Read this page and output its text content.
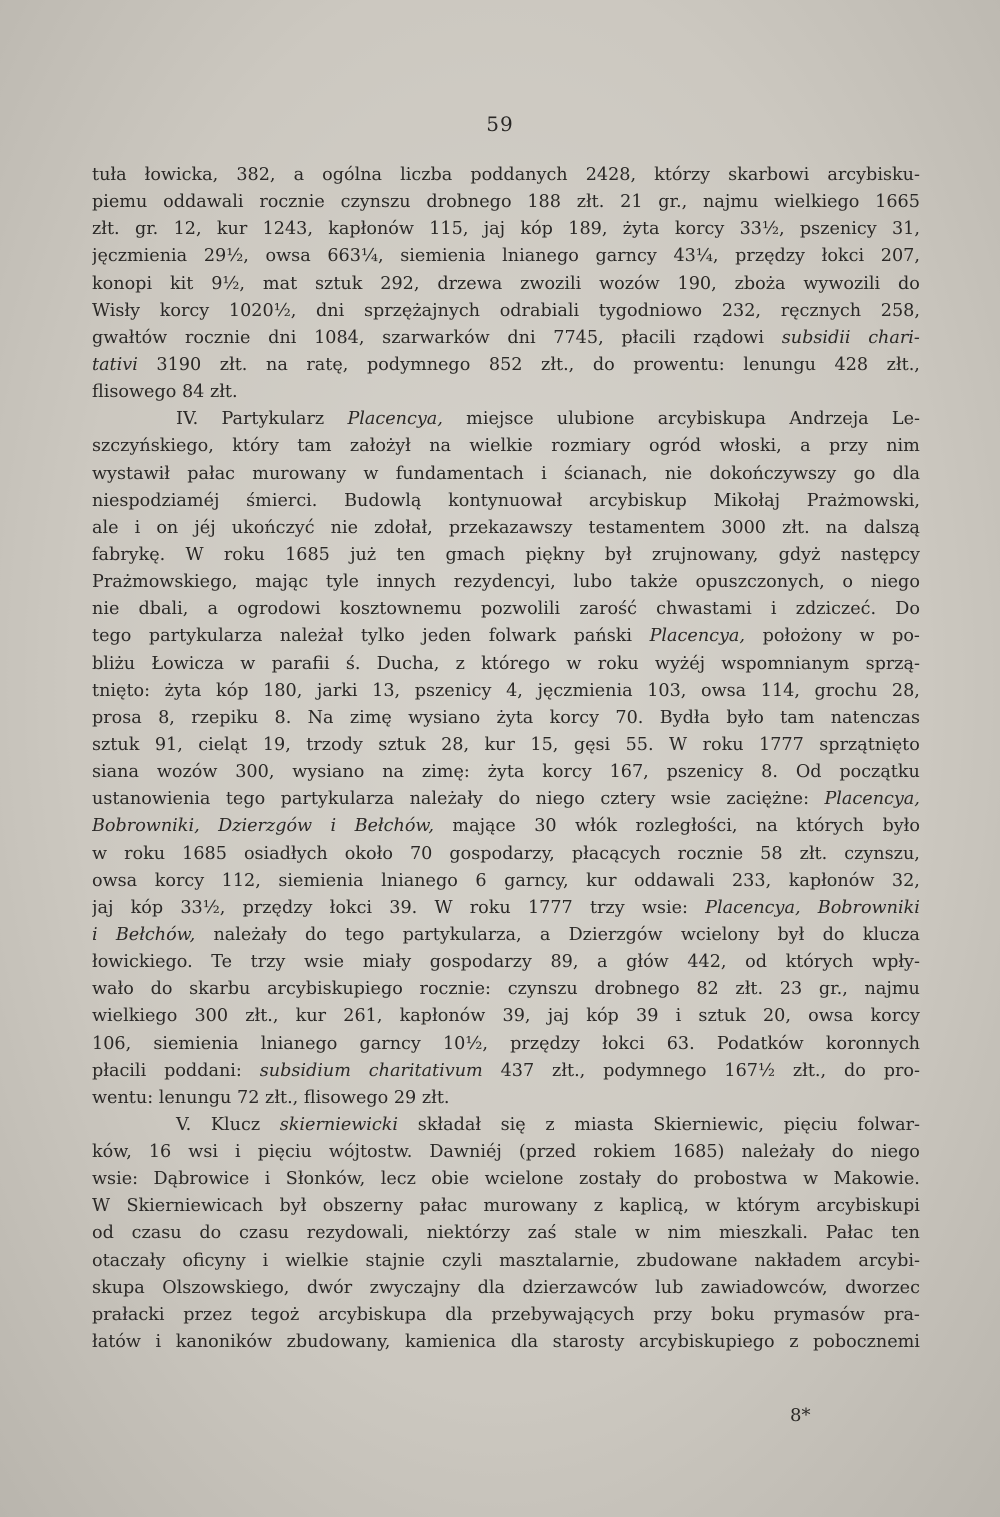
59
tuła łowicka, 382, a ogólna liczba poddanych 2428, którzy skarbowi arcybisku-
piemu oddawali rocznie czynszu drobnego 188 złt. 21 gr., najmu wielkiego 1665
złt. gr. 12, kur 1243, kapłonów 115, jaj kóp 189, żyta korcy 33½, pszenicy 31,
jęczmienia 29½, owsa 663¼, siemienia lnianego garncy 43¼, przędzy łokci 207,
konopi kit 9½, mat sztuk 292, drzewa zwozili wozów 190, zboża wywozili do
Wisły korcy 1020½, dni sprzężajnych odrabiali tygodniowo 232, ręcznych 258,
gwałtów rocznie dni 1084, szarwarków dni 7745, płacili rządowi subsidii chari-
tativi 3190 złt. na ratę, podymnego 852 złt., do prowentu: lenungu 428 złt.,
flisowego 84 złt.
IV. Partykularz Placencya, miejsce ulubione arcybiskupa Andrzeja Le-
szczyńskiego, który tam założył na wielkie rozmiary ogród włoski, a przy nim
wystawił pałac murowany w fundamentach i ścianach, nie dokończywszy go dla
niespodziaméj śmierci. Budowlą kontynuował arcybiskup Mikołaj Prażmowski,
ale i on jéj ukończyć nie zdołał, przekazawszy testamentem 3000 złt. na dalszą
fabrykę. W roku 1685 już ten gmach piękny był zrujnowany, gdyż następcy
Prażmowskiego, mając tyle innych rezydencyi, lubo także opuszczonych, o niego
nie dbali, a ogrodowi kosztownemu pozwolili zarość chwastami i zdziczeć. Do
tego partykularza należał tylko jeden folwark pański Placencya, położony w po-
bliżu Łowicza w parafii ś. Ducha, z którego w roku wyżéj wspomnianym sprzą-
tnięto: żyta kóp 180, jarki 13, pszenicy 4, jęczmienia 103, owsa 114, grochu 28,
prosa 8, rzepiku 8. Na zimę wysiano żyta korcy 70. Bydła było tam natenczas
sztuk 91, cieląt 19, trzody sztuk 28, kur 15, gęsi 55. W roku 1777 sprzątnięto
siana wozów 300, wysiano na zimę: żyta korcy 167, pszenicy 8. Od początku
ustanowienia tego partykularza należały do niego cztery wsie zaciężne: Placencya,
Bobrowniki, Dzierzgów i Bełchów, mające 30 włók rozległości, na których było
w roku 1685 osiadłych około 70 gospodarzy, płacących rocznie 58 złt. czynszu,
owsa korcy 112, siemienia lnianego 6 garncy, kur oddawali 233, kapłonów 32,
jaj kóp 33½, przędzy łokci 39. W roku 1777 trzy wsie: Placencya, Bobrowniki
i Bełchów, należały do tego partykularza, a Dzierzgów wcielony był do klucza
łowickiego. Te trzy wsie miały gospodarzy 89, a głów 442, od których wpły-
wało do skarbu arcybiskupiego rocznie: czynszu drobnego 82 złt. 23 gr., najmu
wielkiego 300 złt., kur 261, kapłonów 39, jaj kóp 39 i sztuk 20, owsa korcy
106, siemienia lnianego garncy 10½, przędzy łokci 63. Podatków koronnych
płacili poddani: subsidium charitativum 437 złt., podymnego 167½ złt., do pro-
wentu: lenungu 72 złt., flisowego 29 złt.
V. Klucz skierniewicki składał się z miasta Skierniewic, pięciu folwar-
ków, 16 wsi i pięciu wójtostw. Dawniéj (przed rokiem 1685) należały do niego
wsie: Dąbrowice i Słonków, lecz obie wcielone zostały do probostwa w Makowie.
W Skierniewicach był obszerny pałac murowany z kaplicą, w którym arcybiskupi
od czasu do czasu rezydowali, niektórzy zaś stale w nim mieszkali. Pałac ten
otaczały oficyny i wielkie stajnie czyli masztalarnie, zbudowane nakładem arcybi-
skupa Olszowskiego, dwór zwyczajny dla dzierzawców lub zawiadowców, dworzec
prałacki przez tegoż arcybiskupa dla przebywających przy boku prymasów pra-
łatów i kanoników zbudowany, kamienica dla starosty arcybiskupiego z pobocznemi
8*
